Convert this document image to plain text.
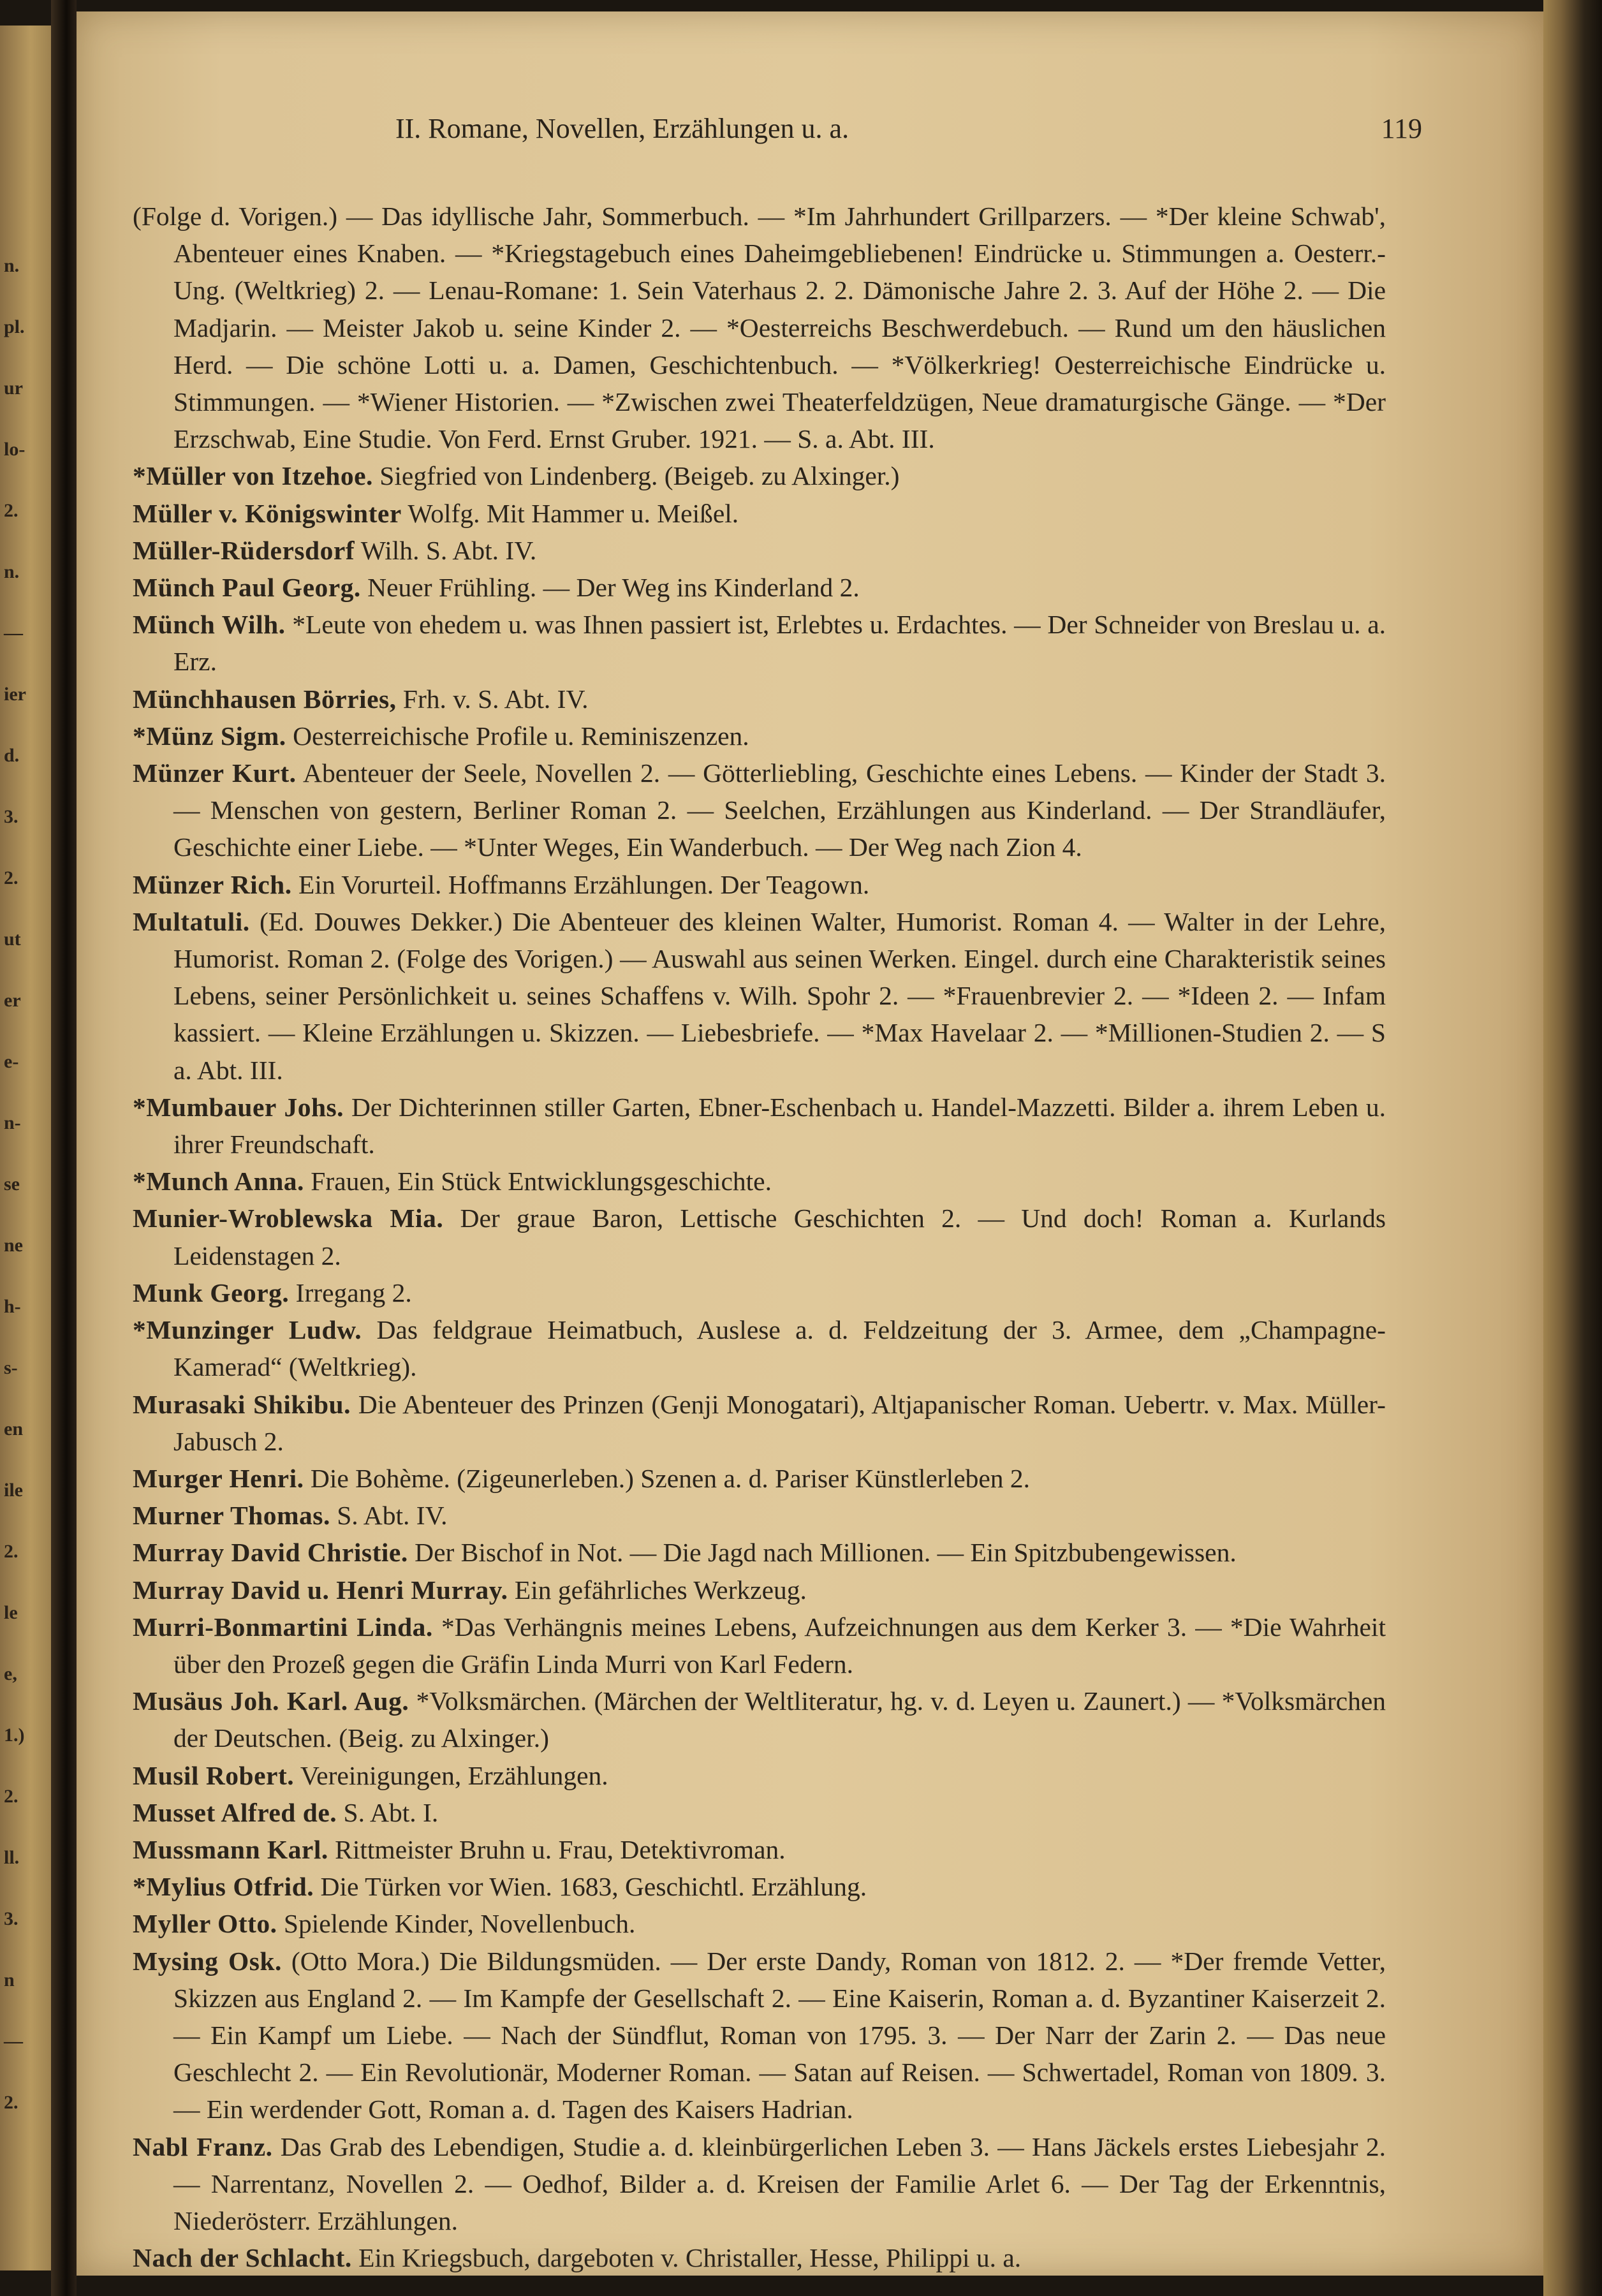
n.
pl.
ur
lo-
2.
n.
—
ier
d.
3.
2.
ut
er
e-
n-
se
ne
h-
s-
en
ile
2.
le
e,
1.)
2.
ll.
3.
n
—
2.
II. Romane, Novellen, Erzählungen u. a.	119

(Folge d. Vorigen.) — Das idyllische Jahr, Sommerbuch. — *Im Jahrhundert Grillparzers. — *Der kleine Schwab', Abenteuer eines Knaben. — *Kriegstagebuch eines Daheimgebliebenen! Eindrücke u. Stimmungen a. Oesterr.-Ung. (Weltkrieg) 2. — Lenau-Romane: 1. Sein Vaterhaus 2. 2. Dämonische Jahre 2. 3. Auf der Höhe 2. — Die Madjarin. — Meister Jakob u. seine Kinder 2. — *Oesterreichs Beschwerdebuch. — Rund um den häuslichen Herd. — Die schöne Lotti u. a. Damen, Geschichtenbuch. — *Völkerkrieg! Oesterreichische Eindrücke u. Stimmungen. — *Wiener Historien. — *Zwischen zwei Theaterfeldzügen, Neue dramaturgische Gänge. — *Der Erzschwab, Eine Studie. Von Ferd. Ernst Gruber. 1921. — S. a. Abt. III.

*Müller von Itzehoe. Siegfried von Lindenberg. (Beigeb. zu Alxinger.)

Müller v. Königswinter Wolfg. Mit Hammer u. Meißel.

Müller-Rüdersdorf Wilh. S. Abt. IV.

Münch Paul Georg. Neuer Frühling. — Der Weg ins Kinderland 2.

Münch Wilh. *Leute von ehedem u. was Ihnen passiert ist, Erlebtes u. Erdachtes. — Der Schneider von Breslau u. a. Erz.

Münchhausen Börries, Frh. v. S. Abt. IV.

*Münz Sigm. Oesterreichische Profile u. Reminiszenzen.

Münzer Kurt. Abenteuer der Seele, Novellen 2. — Götterliebling, Geschichte eines Lebens. — Kinder der Stadt 3. — Menschen von gestern, Berliner Roman 2. — Seelchen, Erzählungen aus Kinderland. — Der Strandläufer, Geschichte einer Liebe. — *Unter Weges, Ein Wanderbuch. — Der Weg nach Zion 4.

Münzer Rich. Ein Vorurteil. Hoffmanns Erzählungen. Der Teagown.

Multatuli. (Ed. Douwes Dekker.) Die Abenteuer des kleinen Walter, Humorist. Roman 4. — Walter in der Lehre, Humorist. Roman 2. (Folge des Vorigen.) — Auswahl aus seinen Werken. Eingel. durch eine Charakteristik seines Lebens, seiner Persönlichkeit u. seines Schaffens v. Wilh. Spohr 2. — *Frauenbrevier 2. — *Ideen 2. — Infam kassiert. — Kleine Erzählungen u. Skizzen. — Liebesbriefe. — *Max Havelaar 2. — *Millionen-Studien 2. — S a. Abt. III.

*Mumbauer Johs. Der Dichterinnen stiller Garten, Ebner-Eschenbach u. Handel-Mazzetti. Bilder a. ihrem Leben u. ihrer Freundschaft.

*Munch Anna. Frauen, Ein Stück Entwicklungsgeschichte.

Munier-Wroblewska Mia. Der graue Baron, Lettische Geschichten 2. — Und doch! Roman a. Kurlands Leidenstagen 2.

Munk Georg. Irregang 2.

*Munzinger Ludw. Das feldgraue Heimatbuch, Auslese a. d. Feldzeitung der 3. Armee, dem „Champagne-Kamerad“ (Weltkrieg).

Murasaki Shikibu. Die Abenteuer des Prinzen (Genji Monogatari), Altjapanischer Roman. Uebertr. v. Max. Müller-Jabusch 2.

Murger Henri. Die Bohème. (Zigeunerleben.) Szenen a. d. Pariser Künstlerleben 2.

Murner Thomas. S. Abt. IV.

Murray David Christie. Der Bischof in Not. — Die Jagd nach Millionen. — Ein Spitzbubengewissen.

Murray David u. Henri Murray. Ein gefährliches Werkzeug.

Murri-Bonmartini Linda. *Das Verhängnis meines Lebens, Aufzeichnungen aus dem Kerker 3. — *Die Wahrheit über den Prozeß gegen die Gräfin Linda Murri von Karl Federn.

Musäus Joh. Karl. Aug. *Volksmärchen. (Märchen der Weltliteratur, hg. v. d. Leyen u. Zaunert.) — *Volksmärchen der Deutschen. (Beig. zu Alxinger.)

Musil Robert. Vereinigungen, Erzählungen.

Musset Alfred de. S. Abt. I.

Mussmann Karl. Rittmeister Bruhn u. Frau, Detektivroman.

*Mylius Otfrid. Die Türken vor Wien. 1683, Geschichtl. Erzählung.

Myller Otto. Spielende Kinder, Novellenbuch.

Mysing Osk. (Otto Mora.) Die Bildungsmüden. — Der erste Dandy, Roman von 1812. 2. — *Der fremde Vetter, Skizzen aus England 2. — Im Kampfe der Gesellschaft 2. — Eine Kaiserin, Roman a. d. Byzantiner Kaiserzeit 2. — Ein Kampf um Liebe. — Nach der Sündflut, Roman von 1795. 3. — Der Narr der Zarin 2. — Das neue Geschlecht 2. — Ein Revolutionär, Moderner Roman. — Satan auf Reisen. — Schwertadel, Roman von 1809. 3. — Ein werdender Gott, Roman a. d. Tagen des Kaisers Hadrian.

Nabl Franz. Das Grab des Lebendigen, Studie a. d. kleinbürgerlichen Leben 3. — Hans Jäckels erstes Liebesjahr 2. — Narrentanz, Novellen 2. — Oedhof, Bilder a. d. Kreisen der Familie Arlet 6. — Der Tag der Erkenntnis, Niederösterr. Erzählungen.

Nach der Schlacht. Ein Kriegsbuch, dargeboten v. Christaller, Hesse, Philippi u. a.
